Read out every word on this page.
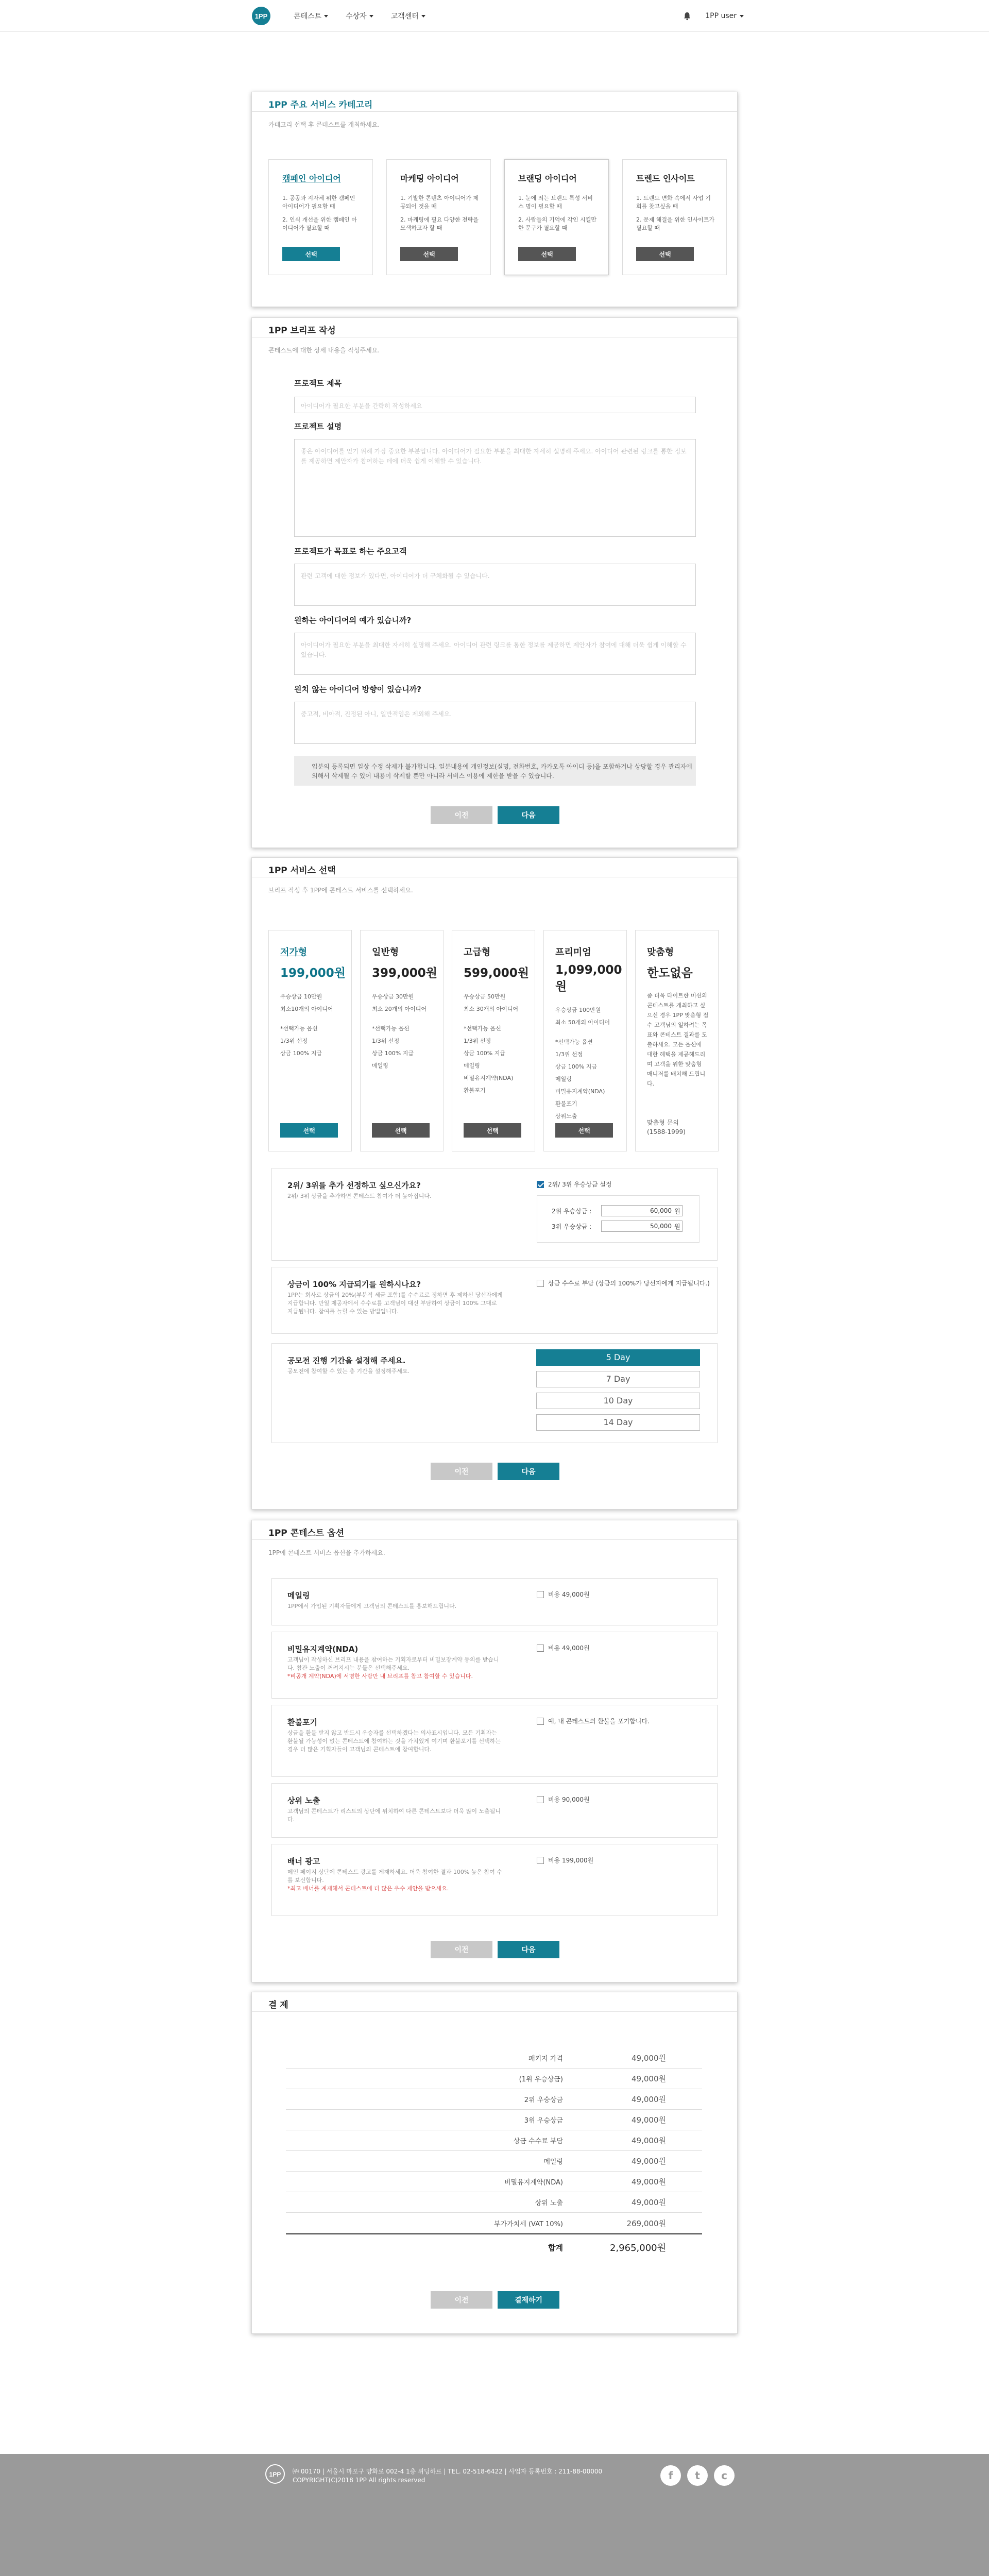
1PP	콘테스트	수상자	고객센터	1PP user
1PP 주요 서비스 카테고리
카테고리 선택 후 콘테스트를 개최하세요.
캠페인 아이디어
1. 공공과 지자체 위한 캠페인 아이디어가 필요할 때
2. 인식 개선을 위한 캠페인 아이디어가 필요할 때
선택
마케팅 아이디어
1. 기발한 콘텐츠 아이디어가 제공되어 것을 때
2. 마케팅에 필요 다양한 전략을 모색하고자 할 때
선택
브랜딩 아이디어
1. 눈에 띄는 브랜드 특성 서비스 명이 필요할 때
2. 사람들의 기억에 각인 시킬만한 문구가 필요할 때
선택
트렌드 인사이트
1. 트렌드 변화 속에서 사업 기회를 찾고싶을 때
2. 문제 해결을 위한 인사이트가 필요할 때
선택
1PP 브리프 작성
콘테스트에 대한 상세 내용을 작성주세요.
프로젝트 제목
아이디어가 필요한 부분을 간략히 작성하세요
프로젝트 설명
좋은 아이디어를 얻기 위해 가장 중요한 부분입니다. 아이디어가 필요한 부분을 최대한 자세히 설명해 주세요. 아이디어 관련된 링크를 통한 정보를 제공하면 제안자가 참여하는 데에 더욱 쉽게 이해할 수 있습니다.
프로젝트가 목표로 하는 주요고객
관련 고객에 대한 정보가 있다면, 아이디어가 더 구체화될 수 있습니다.
원하는 아이디어의 예가 있습니까?
아이디어가 필요한 부분을 최대한 자세히 설명해 주세요. 아이디어 관련 링크를 통한 정보를 제공하면 제안자가 참여에 대해 더욱 쉽게 이해할 수 있습니다.
원치 않는 아이디어 방향이 있습니까?
중고적, 비아적, 진정된 아니, 일반적임은 제외해 주세요.
입분의 등록되면 일상 수정 삭제가 불가합니다. 일분내용에 개인정보(실명, 전화번호, 카카오톡 아이디 등)을 포함하거나 상당할 경우 관리자에 의해서 삭제될 수 있어 내용이 삭제할 뿐만 아니라 서비스 이용에 제한을 받을 수 있습니다.
이전	다음
1PP 서비스 선택
브리프 작성 후 1PP에 콘테스트 서비스를 선택하세요.
저가형
199,000원
우승상금 10만원
최소10개의 아이디어
*선택가능 옵션
1/3위 선정
상금 100% 지급
선택
일반형
399,000원
우승상금 30만원
최소 20개의 아이디어
*선택가능 옵션
1/3위 선정
상금 100% 지급
메일링
선택
고급형
599,000원
우승상금 50만원
최소 30개의 아이디어
*선택가능 옵션
1/3위 선정
상금 100% 지급
메일링
비밀유지계약(NDA)
환불포기
선택
프리미엄
1,099,000원
우승상금 100만원
최소 50개의 아이디어
*선택가능 옵션
1/3위 선정
상금 100% 지급
메일링
비밀유지계약(NDA)
환불포기
상위노출
선택
맞춤형
한도없음
좀 더욱 타이트한 미션의 콘테스트를 개최하고 싶으신 경우 1PP 맞춤형 접수 고객님의 일하려는 목표와 콘테스트 결과를 도출하세요. 모든 옵션에 대한 혜택을 제공해드리며 고객을 위한 맞춤형 매니저를 배치해 드립니다.
맞춤형 문의
(1588-1999)
2위/ 3위를 추가 선정하고 싶으신가요?
2위/ 3위 상금을 추가하면 콘테스트 참여가 더 높아집니다.
2위/ 3위 우승상금 설정
2위 우승상금 :	60,000 원
3위 우승상금 :	50,000 원
상금이 100% 지급되기를 원하시나요?
1PP는 회사로 상금의 20%(부분적 세금 포함)를 수수료로 정하면 후 제하신 당선자에게 지급합니다. 만일 제공자에서 수수료를 고객님이 대신 부담하여 상금이 100% 그대로 지급됩니다. 참여를 늘릴 수 있는 방법입니다.
상금 수수료 부담 (상금의 100%가 당선자에게 지급됩니다.)
공모전 진행 기간을 설정해 주세요.
공모전에 참여할 수 있는 총 기간을 설정해주세요.
5 Day
7 Day
10 Day
14 Day
이전	다음
1PP 콘테스트 옵션
1PP에 콘테스트 서비스 옵션을 추가하세요.
메일링
1PP에서 가입된 기획자들에게 고객님의 콘테스트를 홍보해드립니다.
비용 49,000원
비밀유지계약(NDA)
고객님이 작성하신 브리프 내용을 참여하는 기획자로부터 비밀보장계약 동의를 받습니다. 참관 노출이 꺼려지시는 분들은 선택해주세요.
*비공개 계약(NDA)에 서명한 사람만 내 브리프를 참고 참여할 수 있습니다.
비용 49,000원
환불포기
상금을 환불 받지 않고 반드시 우승자를 선택하겠다는 의사표시입니다. 모든 기획자는 환불될 가능성이 없는 콘테스트에 참여하는 것을 가치있게 여기며 환불포기를 선택하는 경우 더 많은 기획자들이 고객님의 콘테스트에 참여합니다.
예, 내 콘테스트의 환불을 포기합니다.
상위 노출
고객님의 콘테스트가 리스트의 상단에 위치하여 다른 콘테스트보다 더욱 많이 노출됩니다.
비용 90,000원
배너 광고
메인 페이지 상단에 콘테스트 광고를 게재하세요. 더욱 참여한 결과 100% 높은 참여 수를 보신합니다.
*최고 배너를 계재해서 콘테스트에 더 많은 우수 제안을 받으세요.
비용 199,000원
이전	다음
결 제
패키지 가격	49,000원
(1위 우승상금)	49,000원
2위 우승상금	49,000원
3위 우승상금	49,000원
상금 수수료 부담	49,000원
메일링	49,000원
비밀유지계약(NDA)	49,000원
상위 노출	49,000원
부가가치세 (VAT 10%)	269,000원
합계	2,965,000원
이전	결제하기
1PP ㈜ 00170 | 서울시 마포구 양화로 002-4 1층 위딩하르 | TEL. 02-518-6422 | 사업자 등록번호 : 211-88-00000
COPYRIGHT(C)2018 1PP All rights reserved	f	t	c
